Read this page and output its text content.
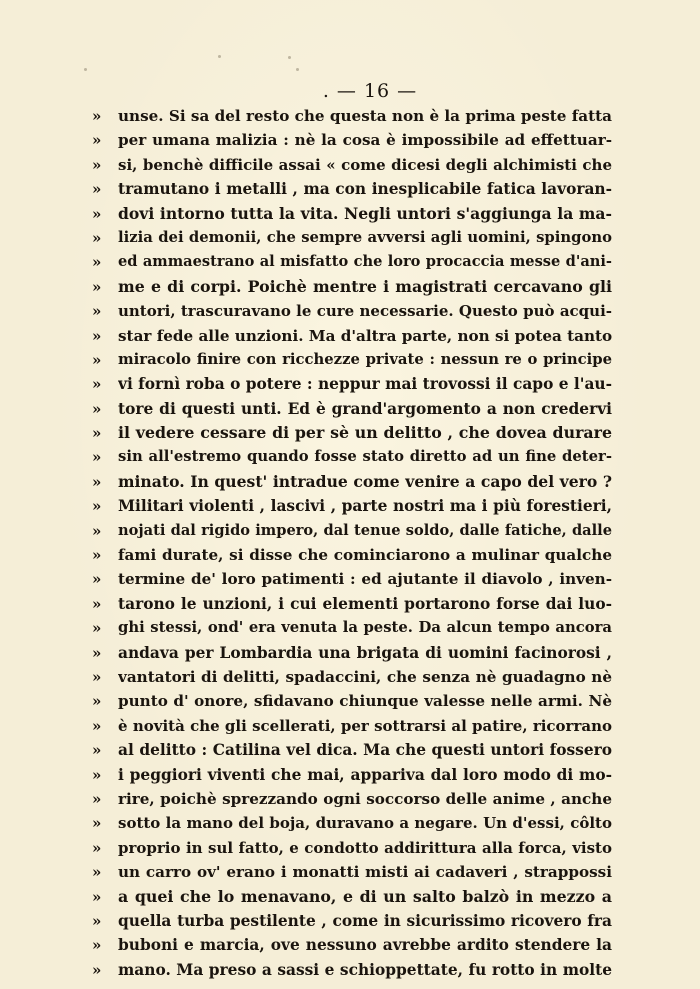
. — 16 —
» unse. Si sa del resto che questa non è la prima peste fatta
» per umana malizia : nè la cosa è impossibile ad effettuar-
» si, benchè difficile assai « come dicesi degli alchimisti che
» tramutano i metalli , ma con inesplicabile fatica lavoran-
» dovi intorno tutta la vita. Negli untori s'aggiunga la ma-
» lizia dei demonii, che sempre avversi agli uomini, spingono
» ed ammaestrano al misfatto che loro procaccia messe d'ani-
» me e di corpi. Poichè mentre i magistrati cercavano gli
» untori, trascuravano le cure necessarie. Questo può acqui-
» star fede alle unzioni. Ma d'altra parte, non si potea tanto
» miracolo finire con ricchezze private : nessun re o principe
» vi fornì roba o potere : neppur mai trovossi il capo e l'au-
» tore di questi unti. Ed è grand'argomento a non credervi
» il vedere cessare di per sè un delitto , che dovea durare
» sin all'estremo quando fosse stato diretto ad un fine deter-
» minato. In quest' intradue come venire a capo del vero ?
» Militari violenti , lascivi , parte nostri ma i più forestieri,
» nojati dal rigido impero, dal tenue soldo, dalle fatiche, dalle
» fami durate, si disse che cominciarono a mulinar qualche
» termine de' loro patimenti : ed ajutante il diavolo , inven-
» tarono le unzioni, i cui elementi portarono forse dai luo-
» ghi stessi, ond' era venuta la peste. Da alcun tempo ancora
» andava per Lombardia una brigata di uomini facinorosi ,
» vantatori di delitti, spadaccini, che senza nè guadagno nè
» punto d' onore, sfidavano chiunque valesse nelle armi. Nè
» è novità che gli scellerati, per sottrarsi al patire, ricorrano
» al delitto : Catilina vel dica. Ma che questi untori fossero
» i peggiori viventi che mai, appariva dal loro modo di mo-
» rire, poichè sprezzando ogni soccorso delle anime , anche
» sotto la mano del boja, duravano a negare. Un d'essi, côlto
» proprio in sul fatto, e condotto addirittura alla forca, visto
» un carro ov' erano i monatti misti ai cadaveri , strappossi
» a quei che lo menavano, e di un salto balzò in mezzo a
» quella turba pestilente , come in sicurissimo ricovero fra
» buboni e marcia, ove nessuno avrebbe ardito stendere la
» mano. Ma preso a sassi e schioppettate, fu rotto in molte
